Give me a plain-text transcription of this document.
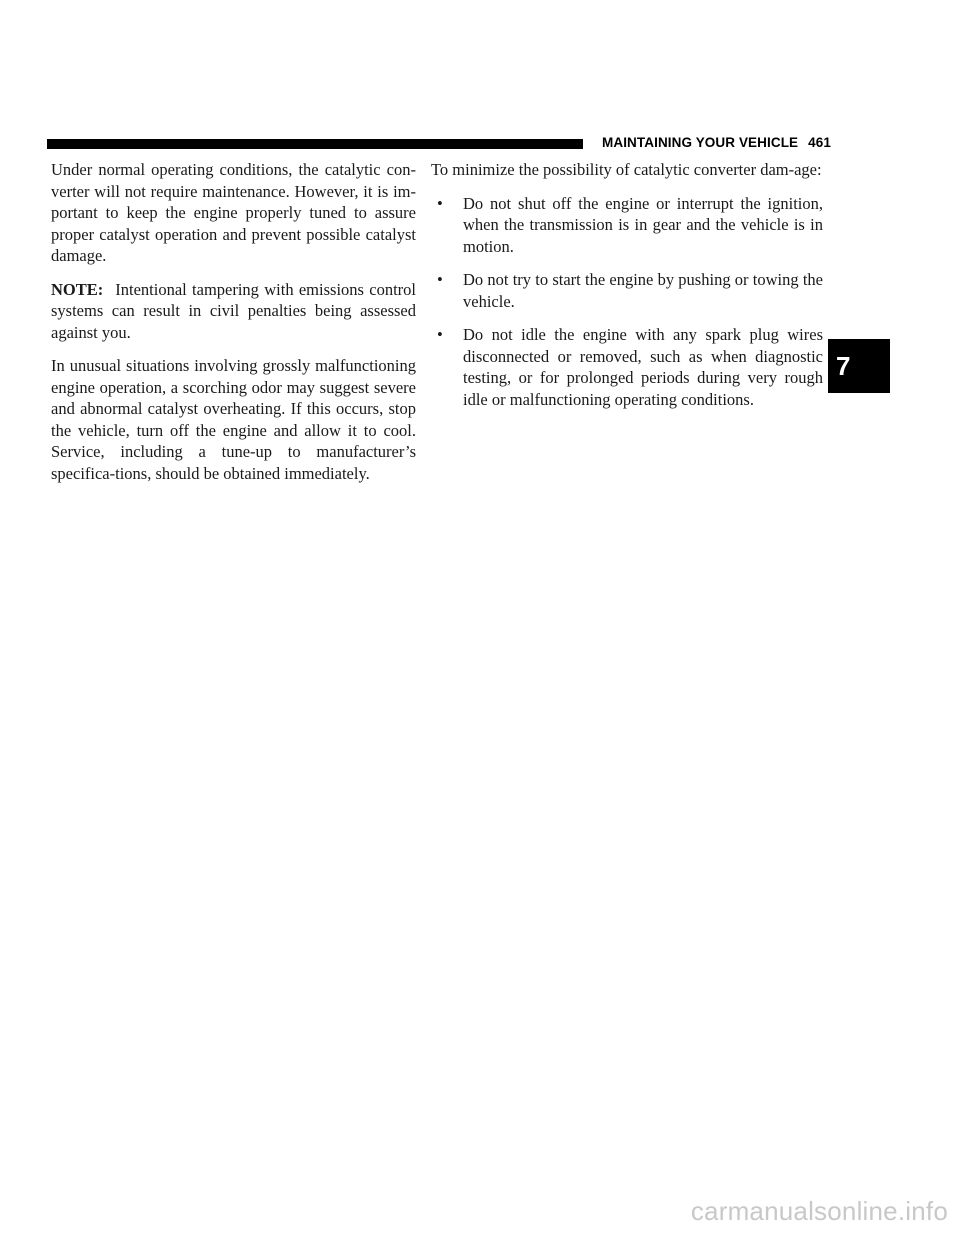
MAINTAINING YOUR VEHICLE 461

Under normal operating conditions, the catalytic con-verter will not require maintenance. However, it is im-portant to keep the engine properly tuned to assure proper catalyst operation and prevent possible catalyst damage.

NOTE: Intentional tampering with emissions control systems can result in civil penalties being assessed against you.

In unusual situations involving grossly malfunctioning engine operation, a scorching odor may suggest severe and abnormal catalyst overheating. If this occurs, stop the vehicle, turn off the engine and allow it to cool. Service, including a tune-up to manufacturer’s specifica-tions, should be obtained immediately.

To minimize the possibility of catalytic converter dam-age:

• Do not shut off the engine or interrupt the ignition, when the transmission is in gear and the vehicle is in motion.
• Do not try to start the engine by pushing or towing the vehicle.
• Do not idle the engine with any spark plug wires disconnected or removed, such as when diagnostic testing, or for prolonged periods during very rough idle or malfunctioning operating conditions.
7
carmanualsonline.info
